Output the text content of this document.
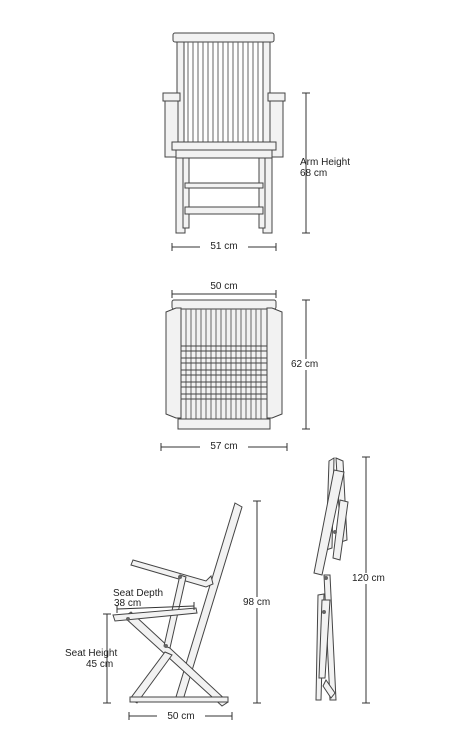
Arm Height
68 cm
51 cm
50 cm
62 cm
57 cm
Seat Depth
38 cm	98 cm
Seat Height
45 cm
50 cm
120 cm
